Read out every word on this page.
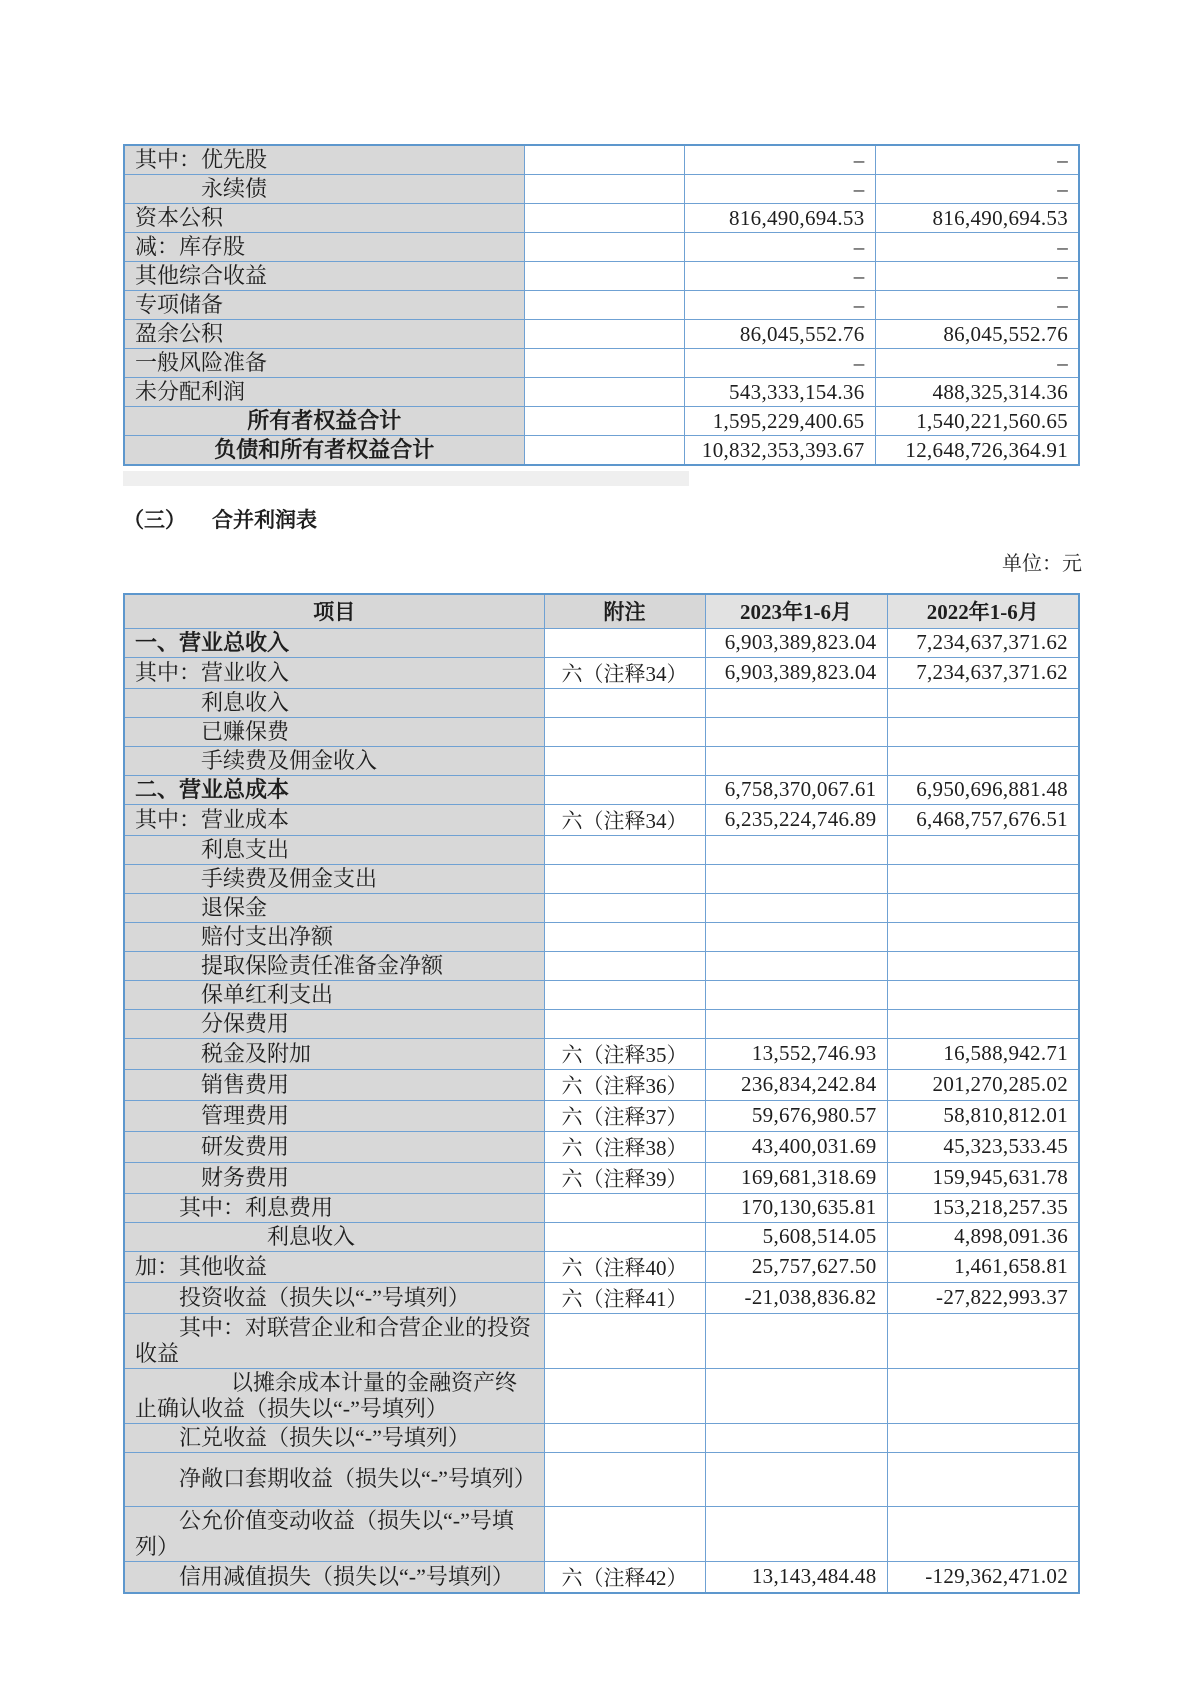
其中：优先股		–	–
永续债		–	–
资本公积		816,490,694.53	816,490,694.53
减：库存股		–	–
其他综合收益		–	–
专项储备		–	–
盈余公积		86,045,552.76	86,045,552.76
一般风险准备		–	–
未分配利润		543,333,154.36	488,325,314.36
所有者权益合计		1,595,229,400.65	1,540,221,560.65
负债和所有者权益合计		10,832,353,393.67	12,648,726,364.91
（三） 合并利润表
单位：元
项目	附注	2023年1-6月	2022年1-6月
一、营业总收入		6,903,389,823.04	7,234,637,371.62
其中：营业收入	六（注释34）	6,903,389,823.04	7,234,637,371.62
利息收入			
已赚保费			
手续费及佣金收入			
二、营业总成本		6,758,370,067.61	6,950,696,881.48
其中：营业成本	六（注释34）	6,235,224,746.89	6,468,757,676.51
利息支出			
手续费及佣金支出			
退保金			
赔付支出净额			
提取保险责任准备金净额			
保单红利支出			
分保费用			
税金及附加	六（注释35）	13,552,746.93	16,588,942.71
销售费用	六（注释36）	236,834,242.84	201,270,285.02
管理费用	六（注释37）	59,676,980.57	58,810,812.01
研发费用	六（注释38）	43,400,031.69	45,323,533.45
财务费用	六（注释39）	169,681,318.69	159,945,631.78
其中：利息费用		170,130,635.81	153,218,257.35
利息收入		5,608,514.05	4,898,091.36
加：其他收益	六（注释40）	25,757,627.50	1,461,658.81
投资收益（损失以“-”号填列）	六（注释41）	-21,038,836.82	-27,822,993.37
其中：对联营企业和合营企业的投资收益			
以摊余成本计量的金融资产终止确认收益（损失以“-”号填列）			
汇兑收益（损失以“-”号填列）			
净敞口套期收益（损失以“-”号填列）			
公允价值变动收益（损失以“-”号填列）			
信用减值损失（损失以“-”号填列）	六（注释42）	13,143,484.48	-129,362,471.02
